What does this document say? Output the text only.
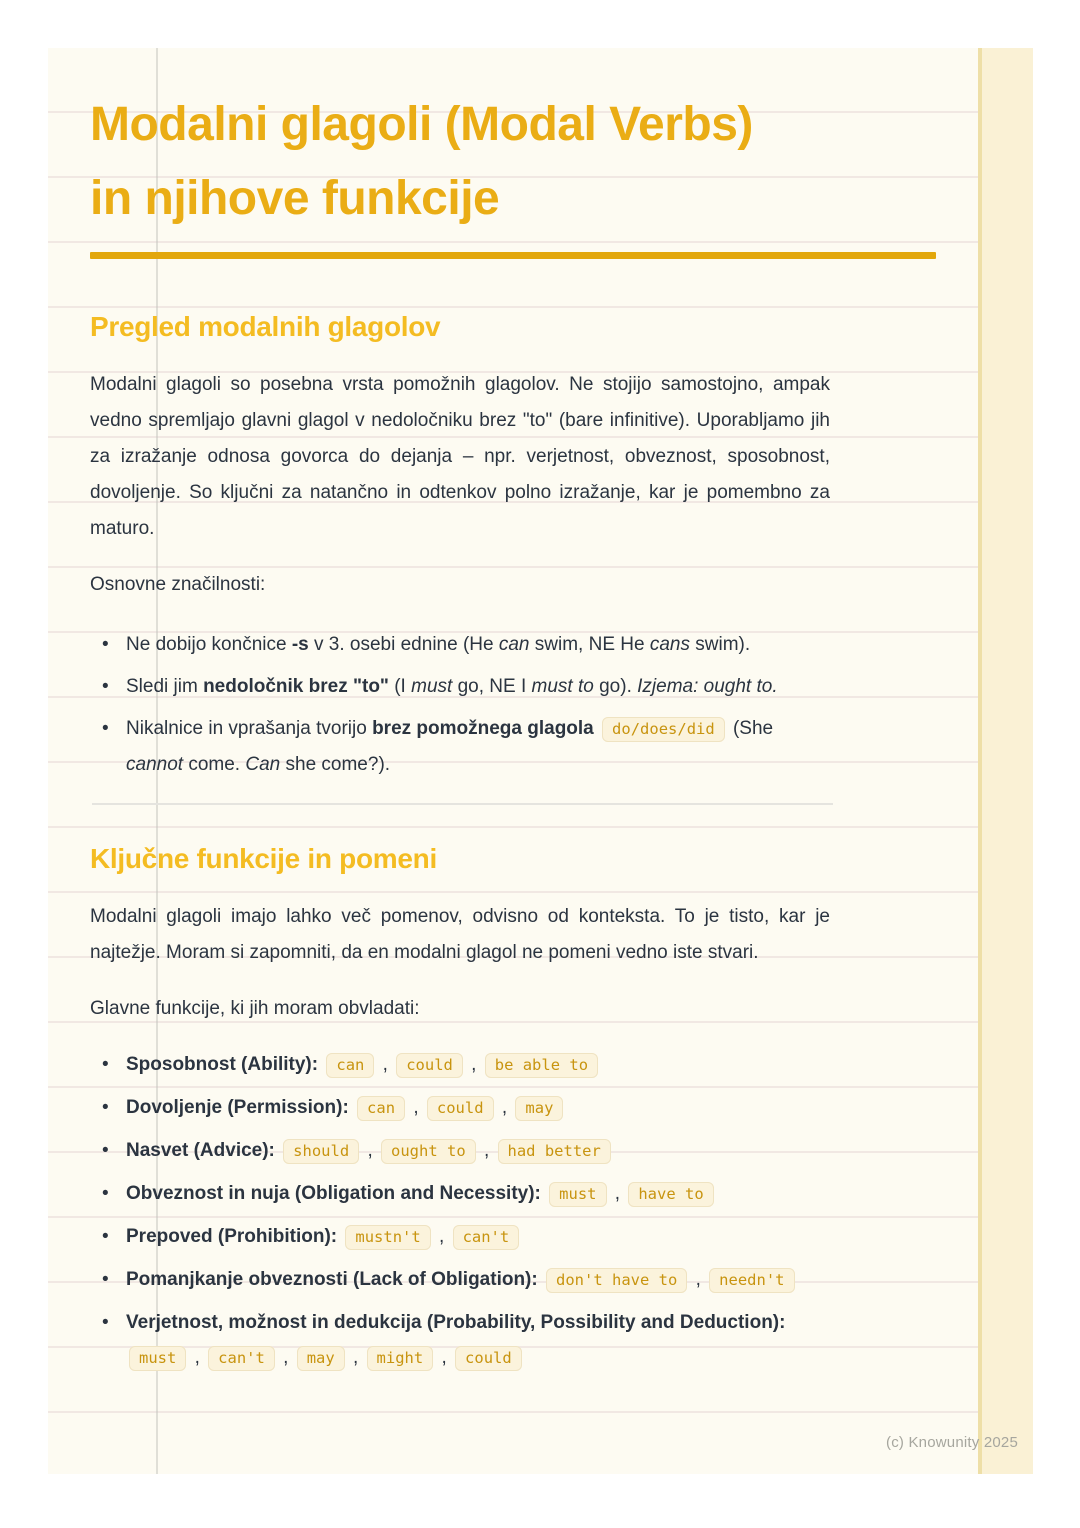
Modalni glagoli (Modal Verbs)
in njihove funkcije
Pregled modalnih glagolov

Modalni glagoli so posebna vrsta pomožnih glagolov. Ne stojijo samostojno, ampak vedno spremljajo glavni glagol v nedoločniku brez "to" (bare infinitive). Uporabljamo jih za izražanje odnosa govorca do dejanja – npr. verjetnost, obveznost, sposobnost, dovoljenje. So ključni za natančno in odtenkov polno izražanje, kar je pomembno za maturo.

Osnovne značilnosti:

• Ne dobijo končnice -s v 3. osebi ednine (He can swim, NE He cans swim).
• Sledi jim nedoločnik brez "to" (I must go, NE I must to go). Izjema: ought to.
• Nikalnice in vprašanja tvorijo brez pomožnega glagola do/does/did (She cannot come. Can she come?).
Ključne funkcije in pomeni

Modalni glagoli imajo lahko več pomenov, odvisno od konteksta. To je tisto, kar je najtežje. Moram si zapomniti, da en modalni glagol ne pomeni vedno iste stvari.

Glavne funkcije, ki jih moram obvladati:

• Sposobnost (Ability): can , could , be able to
• Dovoljenje (Permission): can , could , may
• Nasvet (Advice): should , ought to , had better
• Obveznost in nuja (Obligation and Necessity): must , have to
• Prepoved (Prohibition): mustn't , can't
• Pomanjkanje obveznosti (Lack of Obligation): don't have to , needn't
• Verjetnost, možnost in dedukcija (Probability, Possibility and Deduction): must , can't , may , might , could
(c) Knowunity 2025
